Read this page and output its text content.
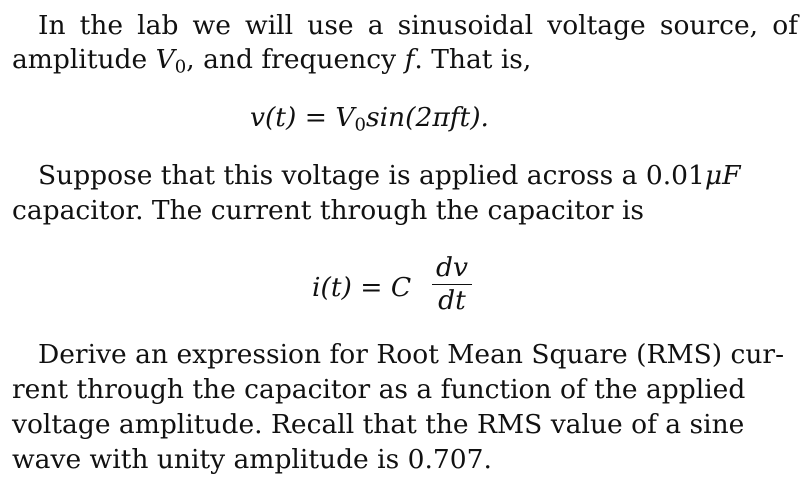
In the lab we will use a sinusoidal voltage source, of
amplitude $V_0$, and frequency f. That is,
$v(t) = V_0\sin(2\pi ft)$.
Suppose that this voltage is applied across a 0.01μF
capacitor. The current through the capacitor is
i(t) = C
dv
dt
Derive an expression for Root Mean Square (RMS) cur-
rent through the capacitor as a function of the applied
voltage amplitude. Recall that the RMS value of a sine
wave with unity amplitude is 0.707.
